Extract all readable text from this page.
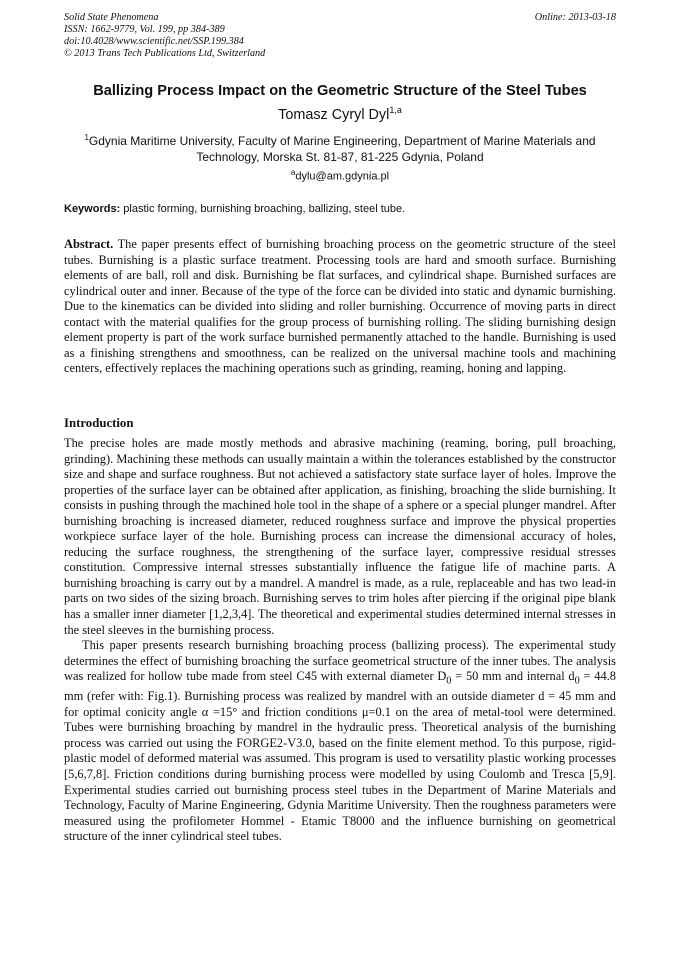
Solid State Phenomena
ISSN: 1662-9779, Vol. 199, pp 384-389
doi:10.4028/www.scientific.net/SSP.199.384
© 2013 Trans Tech Publications Ltd, Switzerland
Online: 2013-03-18
Ballizing Process Impact on the Geometric Structure of the Steel Tubes
Tomasz Cyryl Dyl$^{1,a}$
$^1$Gdynia Maritime University, Faculty of Marine Engineering, Department of Marine Materials and Technology, Morska St. 81-87, 81-225 Gdynia, Poland
$^a$dylu@am.gdynia.pl
Keywords: plastic forming, burnishing broaching, ballizing, steel tube.
Abstract. The paper presents effect of burnishing broaching process on the geometric structure of the steel tubes. Burnishing is a plastic surface treatment. Processing tools are hard and smooth surface. Burnishing elements of are ball, roll and disk. Burnishing be flat surfaces, and cylindrical shape. Burnished surfaces are cylindrical outer and inner. Because of the type of the force can be divided into static and dynamic burnishing. Due to the kinematics can be divided into sliding and roller burnishing. Occurrence of moving parts in direct contact with the material qualifies for the group process of burnishing rolling. The sliding burnishing design element property is part of the work surface burnished permanently attached to the handle. Burnishing is used as a finishing strengthens and smoothness, can be realized on the universal machine tools and machining centers, effectively replaces the machining operations such as grinding, reaming, honing and lapping.
Introduction

The precise holes are made mostly methods and abrasive machining (reaming, boring, pull broaching, grinding). Machining these methods can usually maintain a within the tolerances established by the constructor size and shape and surface roughness. But not achieved a satisfactory state surface layer of holes. Improve the properties of the surface layer can be obtained after application, as finishing, broaching the slide burnishing. It consists in pushing through the machined hole tool in the shape of a sphere or a special plunger mandrel. After burnishing broaching is increased diameter, reduced roughness surface and improve the physical properties workpiece surface layer of the hole. Burnishing process can increase the dimensional accuracy of holes, reducing the surface roughness, the strengthening of the surface layer, compressive residual stresses constitution. Compressive internal stresses substantially influence the fatigue life of machine parts. A burnishing broaching is carry out by a mandrel. A mandrel is made, as a rule, replaceable and has two lead-in parts on two sides of the sizing broach. Burnishing serves to trim holes after piercing if the original pipe blank has a smaller inner diameter [1,2,3,4]. The theoretical and experimental studies determined internal stresses in the steel sleeves in the burnishing process.

This paper presents research burnishing broaching process (ballizing process). The experimental study determines the effect of burnishing broaching the surface geometrical structure of the inner tubes. The analysis was realized for hollow tube made from steel C45 with external diameter $D_0 = 50$ mm and internal $d_0 = 44.8$ mm (refer with: Fig.1). Burnishing process was realized by mandrel with an outside diameter d = 45 mm and for optimal conicity angle α =15° and friction conditions μ=0.1 on the area of metal-tool were determined. Tubes were burnishing broaching by mandrel in the hydraulic press. Theoretical analysis of the burnishing process was carried out using the FORGE2-V3.0, based on the finite element method. To this purpose, rigid-plastic model of deformed material was assumed. This program is used to versatility plastic working processes [5,6,7,8]. Friction conditions during burnishing process were modelled by using Coulomb and Tresca [5,9]. Experimental studies carried out burnishing process steel tubes in the Department of Marine Materials and Technology, Faculty of Marine Engineering, Gdynia Maritime University. Then the roughness parameters were measured using the profilometer Hommel - Etamic T8000 and the influence burnishing on geometrical structure of the inner cylindrical steel tubes.
